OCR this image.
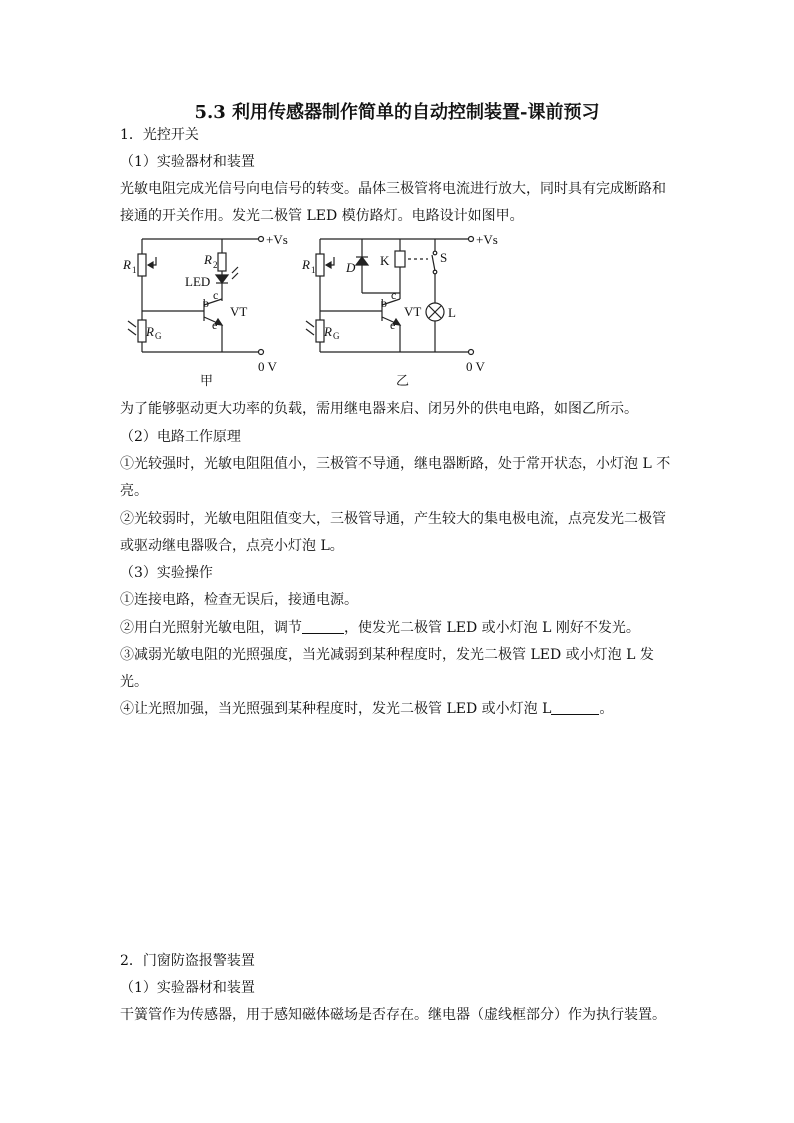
5.3 利用传感器制作简单的自动控制装置-课前预习

1．光控开关

（1）实验器材和装置

光敏电阻完成光信号向电信号的转变。晶体三极管将电流进行放大，同时具有完成断路和

接通的开关作用。发光二极管 LED 模仿路灯。电路设计如图甲。

+Vs
0 V
R 1
R 2
LED
c
b
e
VT
R G
甲
+Vs
0 V
R 1 D K	S
c
b
e
VT L
R G
乙

为了能够驱动更大功率的负载，需用继电器来启、闭另外的供电电路，如图乙所示。

（2）电路工作原理

①光较强时，光敏电阻阻值小，三极管不导通，继电器断路，处于常开状态，小灯泡 L 不

亮。

②光较弱时，光敏电阻阻值变大，三极管导通，产生较大的集电极电流，点亮发光二极管

或驱动继电器吸合，点亮小灯泡 L。

（3）实验操作

①连接电路，检查无误后，接通电源。

②用白光照射光敏电阻，调节	，使发光二极管 LED 或小灯泡 L 刚好不发光。

③减弱光敏电阻的光照强度，当光减弱到某种程度时，发光二极管 LED 或小灯泡 L 发

光。

④让光照加强，当光照强到某种程度时，发光二极管 LED 或小灯泡 L	。

2．门窗防盗报警装置

（1）实验器材和装置

干簧管作为传感器，用于感知磁体磁场是否存在。继电器（虚线框部分）作为执行装置。
